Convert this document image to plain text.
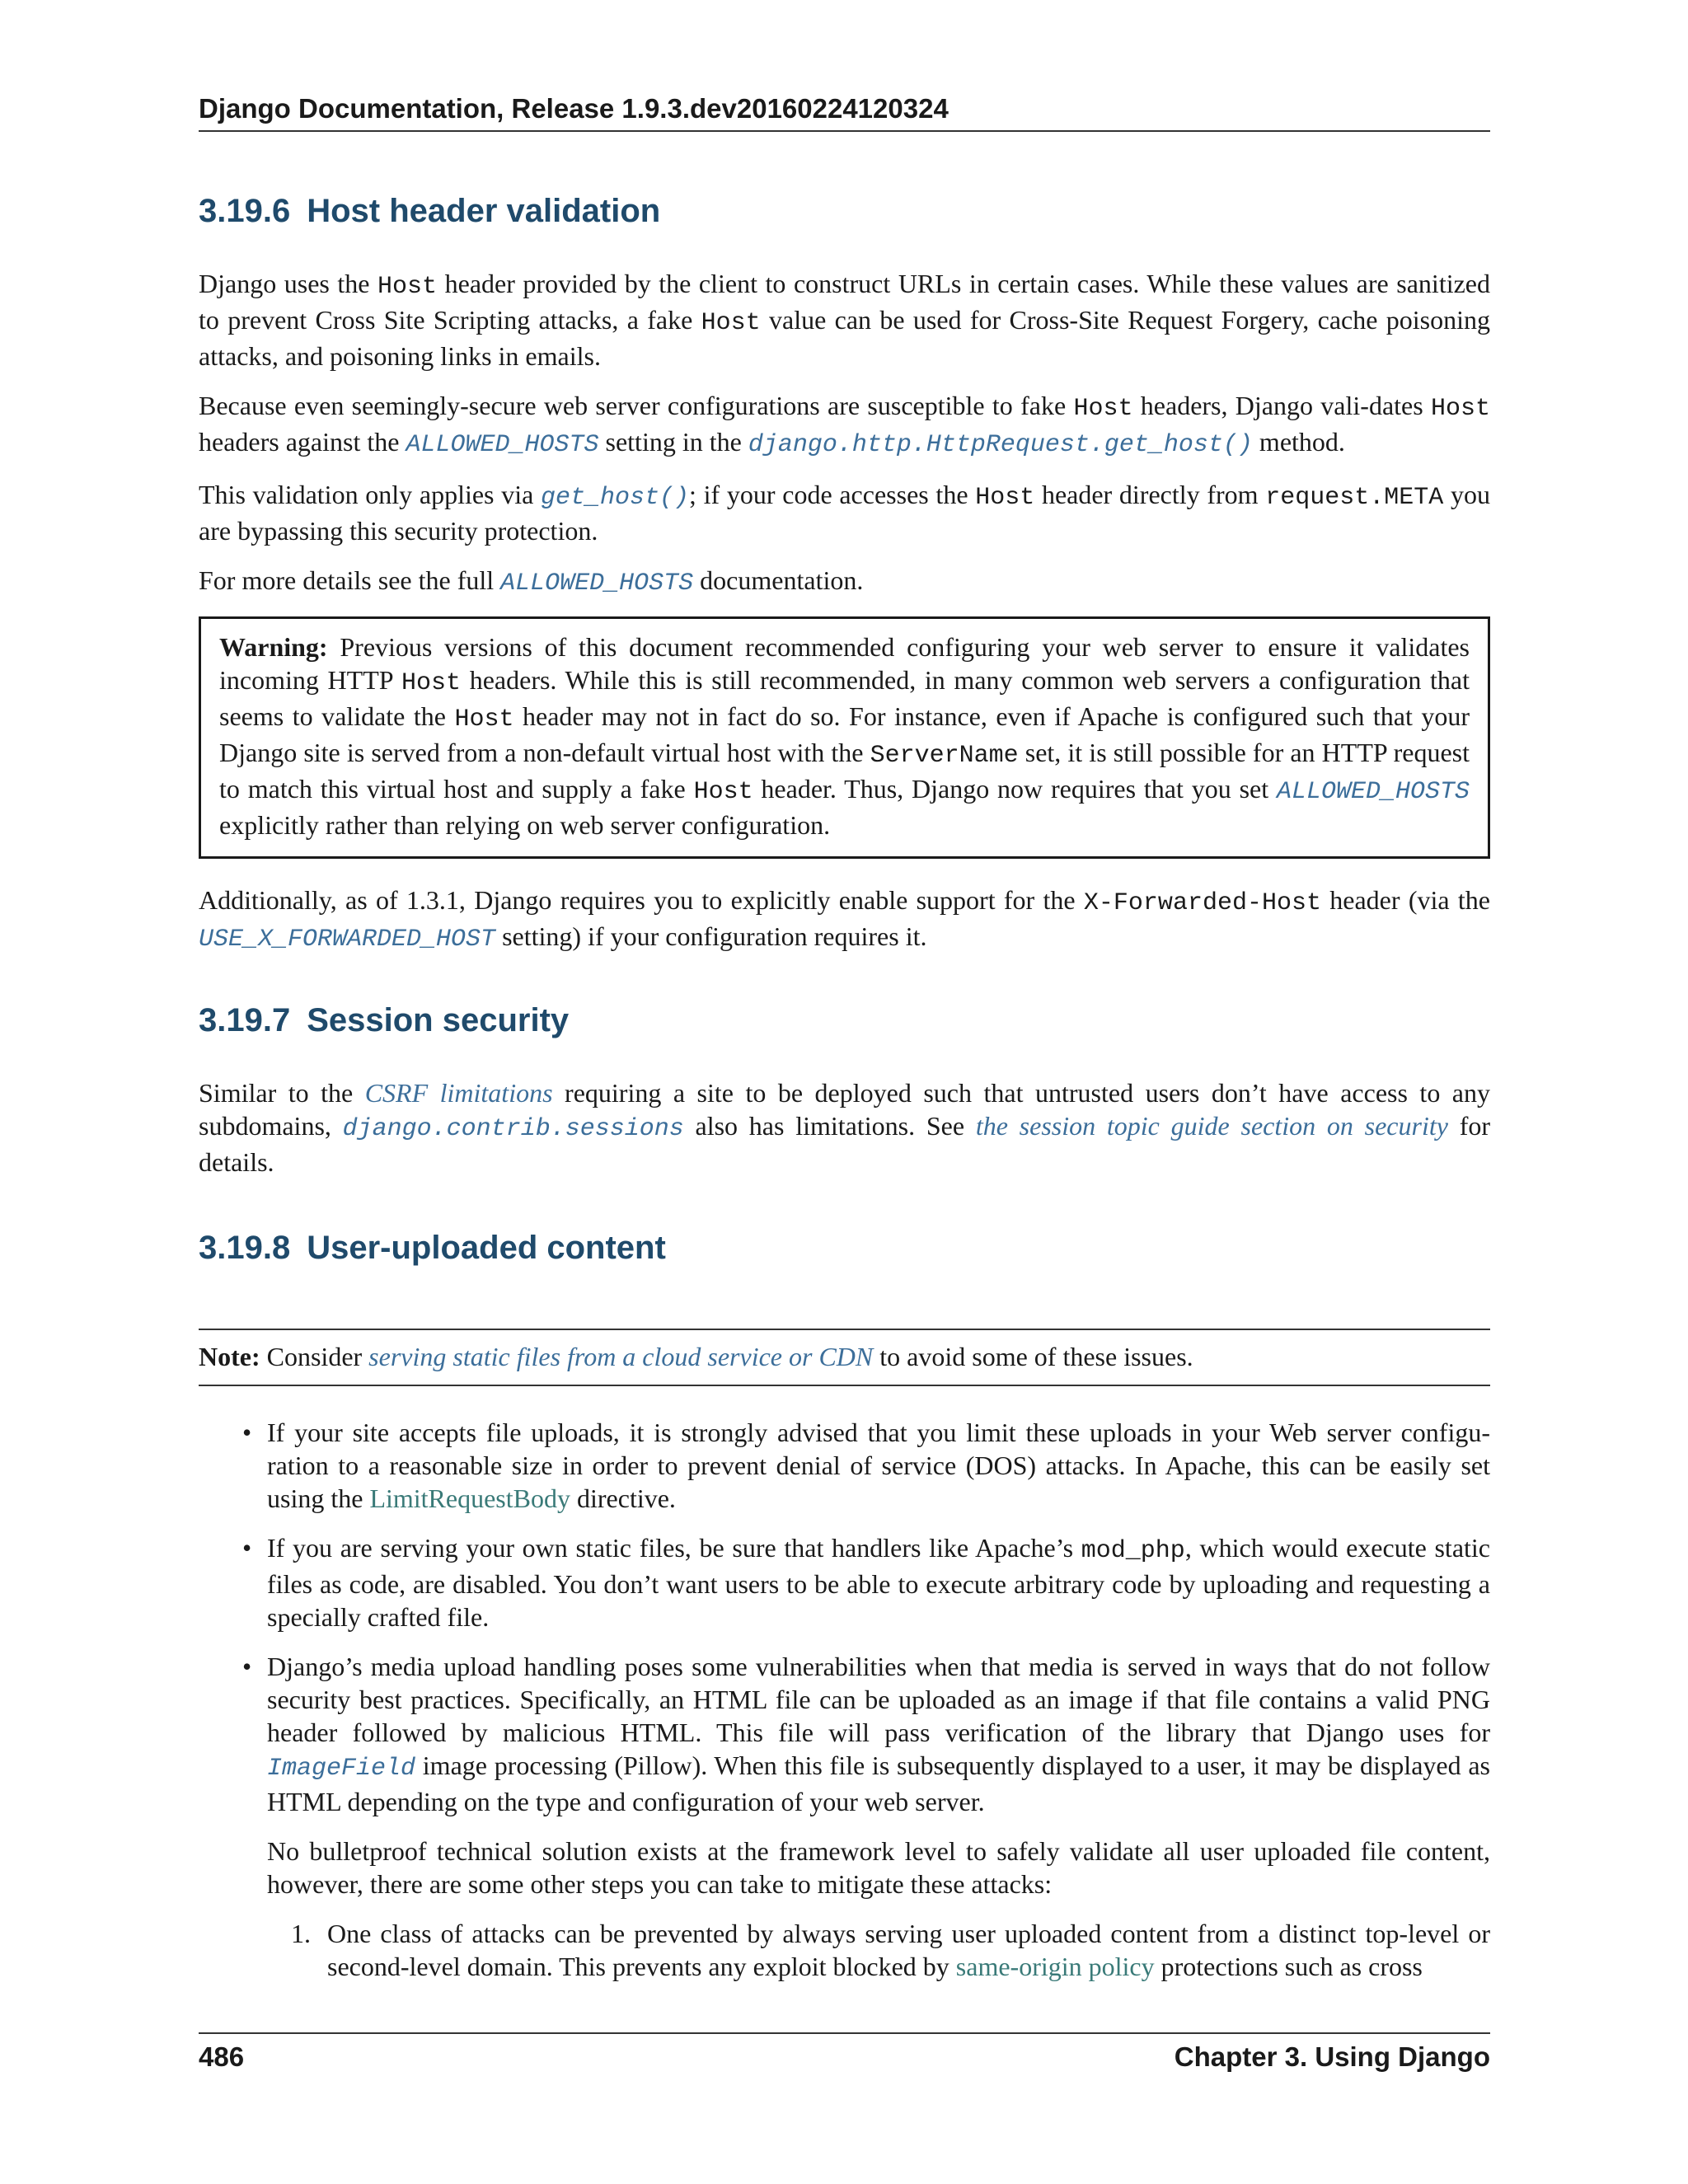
Django Documentation, Release 1.9.3.dev20160224120324
3.19.6 Host header validation

Django uses the Host header provided by the client to construct URLs in certain cases. While these values are sanitized to prevent Cross Site Scripting attacks, a fake Host value can be used for Cross-Site Request Forgery, cache poisoning attacks, and poisoning links in emails.

Because even seemingly-secure web server configurations are susceptible to fake Host headers, Django vali-dates Host headers against the ALLOWED_HOSTS setting in the django.http.HttpRequest.get_host() method.

This validation only applies via get_host(); if your code accesses the Host header directly from request.META you are bypassing this security protection.

For more details see the full ALLOWED_HOSTS documentation.

Warning: Previous versions of this document recommended configuring your web server to ensure it validates incoming HTTP Host headers. While this is still recommended, in many common web servers a configuration that seems to validate the Host header may not in fact do so. For instance, even if Apache is configured such that your Django site is served from a non-default virtual host with the ServerName set, it is still possible for an HTTP request to match this virtual host and supply a fake Host header. Thus, Django now requires that you set ALLOWED_HOSTS explicitly rather than relying on web server configuration.

Additionally, as of 1.3.1, Django requires you to explicitly enable support for the X-Forwarded-Host header (via the USE_X_FORWARDED_HOST setting) if your configuration requires it.

3.19.7 Session security

Similar to the CSRF limitations requiring a site to be deployed such that untrusted users don’t have access to any subdomains, django.contrib.sessions also has limitations. See the session topic guide section on security for details.

3.19.8 User-uploaded content

Note: Consider serving static files from a cloud service or CDN to avoid some of these issues.

• If your site accepts file uploads, it is strongly advised that you limit these uploads in your Web server configu-ration to a reasonable size in order to prevent denial of service (DOS) attacks. In Apache, this can be easily set using the LimitRequestBody directive.

• If you are serving your own static files, be sure that handlers like Apache’s mod_php, which would execute static files as code, are disabled. You don’t want users to be able to execute arbitrary code by uploading and requesting a specially crafted file.

• Django’s media upload handling poses some vulnerabilities when that media is served in ways that do not follow security best practices. Specifically, an HTML file can be uploaded as an image if that file contains a valid PNG header followed by malicious HTML. This file will pass verification of the library that Django uses for ImageField image processing (Pillow). When this file is subsequently displayed to a user, it may be displayed as HTML depending on the type and configuration of your web server.

No bulletproof technical solution exists at the framework level to safely validate all user uploaded file content, however, there are some other steps you can take to mitigate these attacks:

1. One class of attacks can be prevented by always serving user uploaded content from a distinct top-level or second-level domain. This prevents any exploit blocked by same-origin policy protections such as cross

486	Chapter 3. Using Django
